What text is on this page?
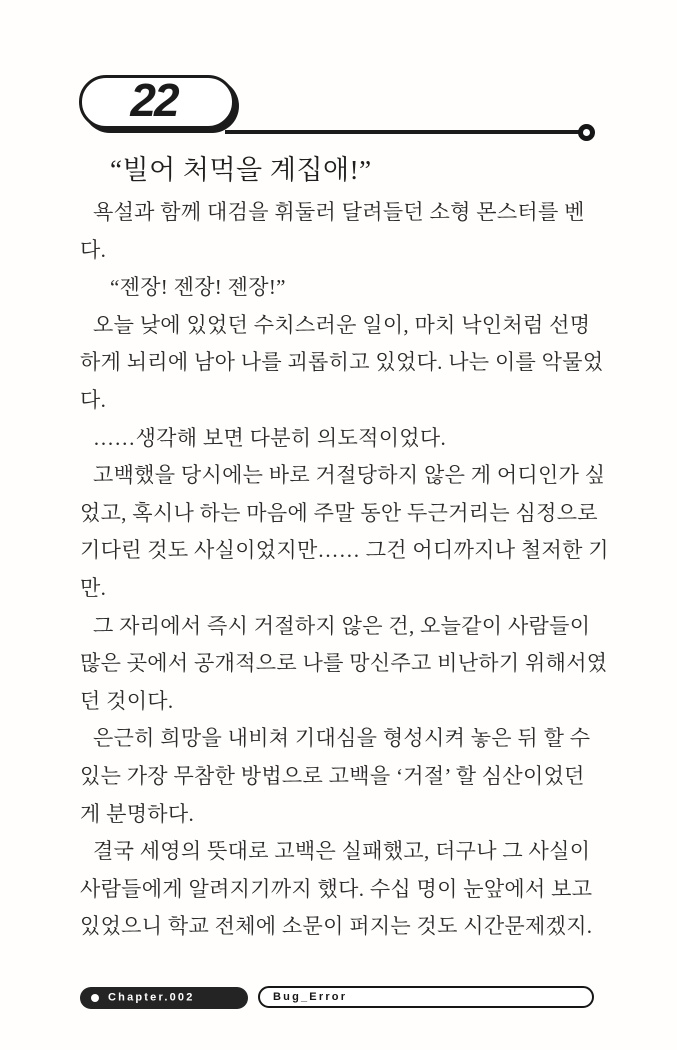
22
“빌어 처먹을 계집애!”
욕설과 함께 대검을 휘둘러 달려들던 소형 몬스터를 벤
다.
“젠장! 젠장! 젠장!”
오늘 낮에 있었던 수치스러운 일이, 마치 낙인처럼 선명
하게 뇌리에 남아 나를 괴롭히고 있었다. 나는 이를 악물었
다.
……생각해 보면 다분히 의도적이었다.
고백했을 당시에는 바로 거절당하지 않은 게 어디인가 싶
었고, 혹시나 하는 마음에 주말 동안 두근거리는 심정으로
기다린 것도 사실이었지만…… 그건 어디까지나 철저한 기
만.
그 자리에서 즉시 거절하지 않은 건, 오늘같이 사람들이
많은 곳에서 공개적으로 나를 망신주고 비난하기 위해서였
던 것이다.
은근히 희망을 내비쳐 기대심을 형성시켜 놓은 뒤 할 수
있는 가장 무참한 방법으로 고백을 ‘거절’ 할 심산이었던
게 분명하다.
결국 세영의 뜻대로 고백은 실패했고, 더구나 그 사실이
사람들에게 알려지기까지 했다. 수십 명이 눈앞에서 보고
있었으니 학교 전체에 소문이 퍼지는 것도 시간문제겠지.
Chapter.002	Bug_Error
